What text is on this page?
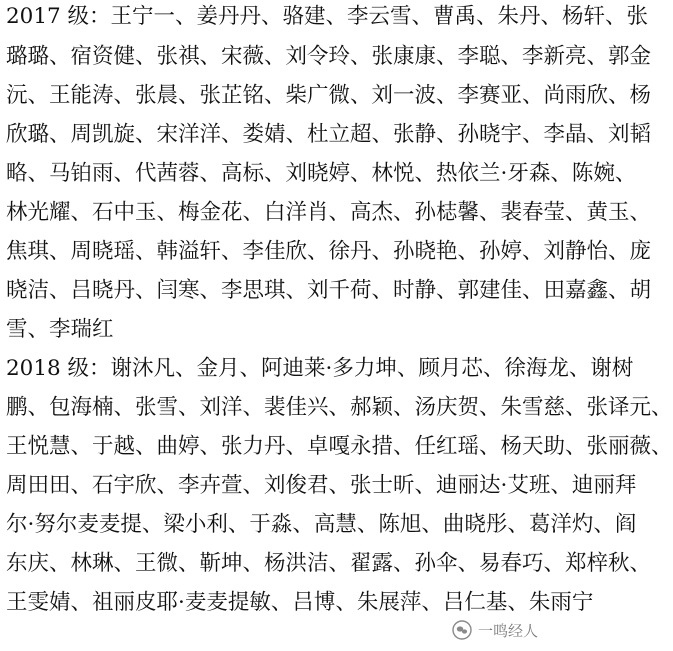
2017 级：王宁一、姜丹丹、骆建、李云雪、曹禹、朱丹、杨轩、张
璐璐、宿资健、张祺、宋薇、刘令玲、张康康、李聪、李新亮、郭金
沅、王能涛、张晨、张芷铭、柴广微、刘一波、李赛亚、尚雨欣、杨
欣璐、周凯旋、宋洋洋、娄婧、杜立超、张静、孙晓宇、李晶、刘韬
略、马铂雨、代茜蓉、高标、刘晓婷、林悦、热依兰·牙森、陈婉、
林光耀、石中玉、梅金花、白洋肖、高杰、孙梽馨、裴春莹、黄玉、
焦琪、周晓瑶、韩溢轩、李佳欣、徐丹、孙晓艳、孙婷、刘静怡、庞
晓洁、吕晓丹、闫寒、李思琪、刘千荷、时静、郭建佳、田嘉鑫、胡
雪、李瑞红
2018 级：谢沐凡、金月、阿迪莱·多力坤、顾月芯、徐海龙、谢树
鹏、包海楠、张雪、刘洋、裴佳兴、郝颖、汤庆贺、朱雪慈、张译元、
王悦慧、于越、曲婷、张力丹、卓嘎永措、任红瑶、杨天助、张丽薇、
周田田、石宇欣、李卉萱、刘俊君、张士昕、迪丽达·艾班、迪丽拜
尔·努尔麦麦提、梁小利、于淼、高慧、陈旭、曲晓彤、葛洋灼、阎
东庆、林琳、王微、靳坤、杨洪洁、翟露、孙伞、易春巧、郑梓秋、
王雯婧、祖丽皮耶·麦麦提敏、吕博、朱展萍、吕仁基、朱雨宁
一鸣经人
